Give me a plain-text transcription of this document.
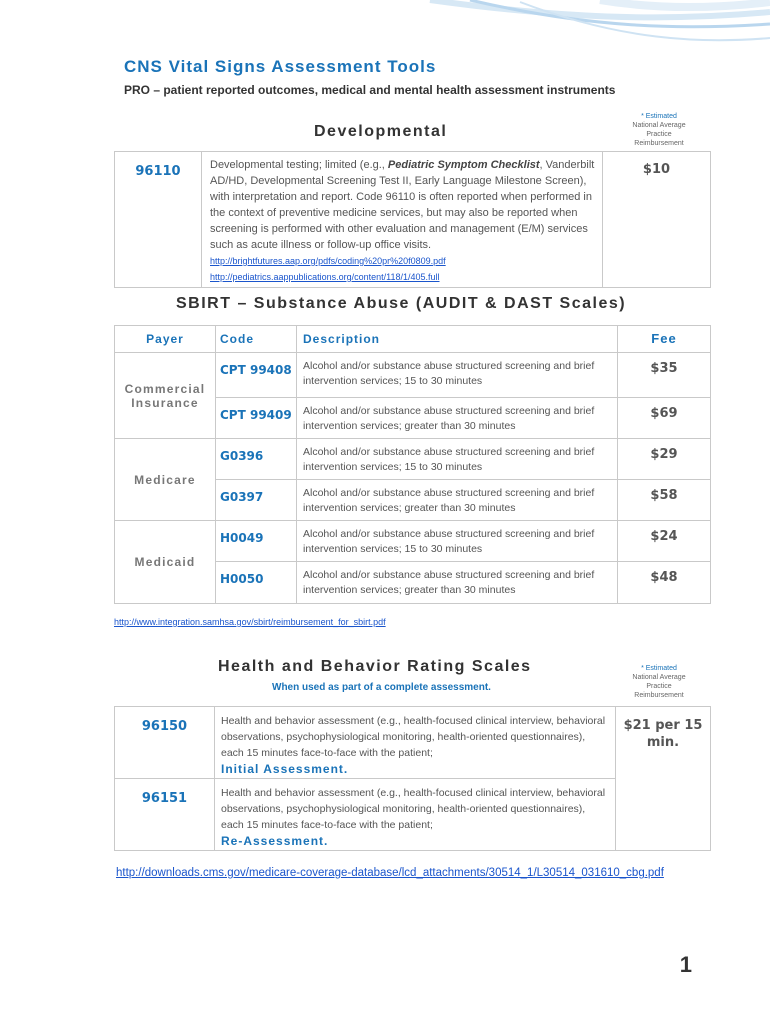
CNS Vital Signs Assessment Tools
PRO – patient reported outcomes, medical and mental health assessment instruments
Developmental
* Estimated
National Average
Practice
Reimbursement
96110	Developmental testing; limited (e.g., Pediatric Symptom Checklist, Vanderbilt AD/HD, Developmental Screening Test II, Early Language Milestone Screen), with interpretation and report. Code 96110 is often reported when performed in the context of preventive medicine services, but may also be reported when screening is performed with other evaluation and management (E/M) services such as acute illness or follow-up office visits. http://brightfutures.aap.org/pdfs/coding%20pr%20f0809.pdf
http://pediatrics.aappublications.org/content/118/1/405.full	$10
SBIRT – Substance Abuse (AUDIT & DAST Scales)
Payer	Code	Description	Fee
Commercial Insurance	CPT 99408	Alcohol and/or substance abuse structured screening and brief intervention services; 15 to 30 minutes	$35
	CPT 99409	Alcohol and/or substance abuse structured screening and brief intervention services; greater than 30 minutes	$69
Medicare	G0396	Alcohol and/or substance abuse structured screening and brief intervention services; 15 to 30 minutes	$29
	G0397	Alcohol and/or substance abuse structured screening and brief intervention services; greater than 30 minutes	$58
Medicaid	H0049	Alcohol and/or substance abuse structured screening and brief intervention services; 15 to 30 minutes	$24
	H0050	Alcohol and/or substance abuse structured screening and brief intervention services; greater than 30 minutes	$48
http://www.integration.samhsa.gov/sbirt/reimbursement_for_sbirt.pdf
Health and Behavior Rating Scales
When used as part of a complete assessment.
* Estimated
National Average
Practice
Reimbursement
96150	Health and behavior assessment (e.g., health-focused clinical interview, behavioral observations, psychophysiological monitoring, health-oriented questionnaires), each 15 minutes face-to-face with the patient;
Initial Assessment.	$21 per 15 min.
96151	Health and behavior assessment (e.g., health-focused clinical interview, behavioral observations, psychophysiological monitoring, health-oriented questionnaires), each 15 minutes face-to-face with the patient;
Re-Assessment.	
http://downloads.cms.gov/medicare-coverage-database/lcd_attachments/30514_1/L30514_031610_cbg.pdf
1
